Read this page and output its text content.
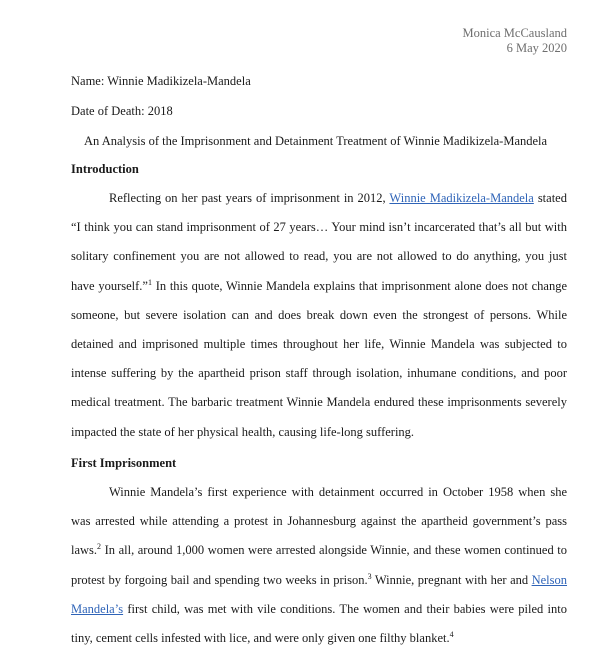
Monica McCausland
6 May 2020
Name: Winnie Madikizela-Mandela
Date of Death: 2018
An Analysis of the Imprisonment and Detainment Treatment of Winnie Madikizela-Mandela
Introduction
Reflecting on her past years of imprisonment in 2012, Winnie Madikizela-Mandela stated “I think you can stand imprisonment of 27 years… Your mind isn’t incarcerated that’s all but with solitary confinement you are not allowed to read, you are not allowed to do anything, you just have yourself.”$^1$ In this quote, Winnie Mandela explains that imprisonment alone does not change someone, but severe isolation can and does break down even the strongest of persons. While detained and imprisoned multiple times throughout her life, Winnie Mandela was subjected to intense suffering by the apartheid prison staff through isolation, inhumane conditions, and poor medical treatment. The barbaric treatment Winnie Mandela endured these imprisonments severely impacted the state of her physical health, causing life-long suffering.
First Imprisonment
Winnie Mandela’s first experience with detainment occurred in October 1958 when she was arrested while attending a protest in Johannesburg against the apartheid government’s pass laws.$^2$ In all, around 1,000 women were arrested alongside Winnie, and these women continued to protest by forgoing bail and spending two weeks in prison.$^3$ Winnie, pregnant with her and Nelson Mandela’s first child, was met with vile conditions. The women and their babies were piled into tiny, cement cells infested with lice, and were only given one filthy blanket.$^4$
